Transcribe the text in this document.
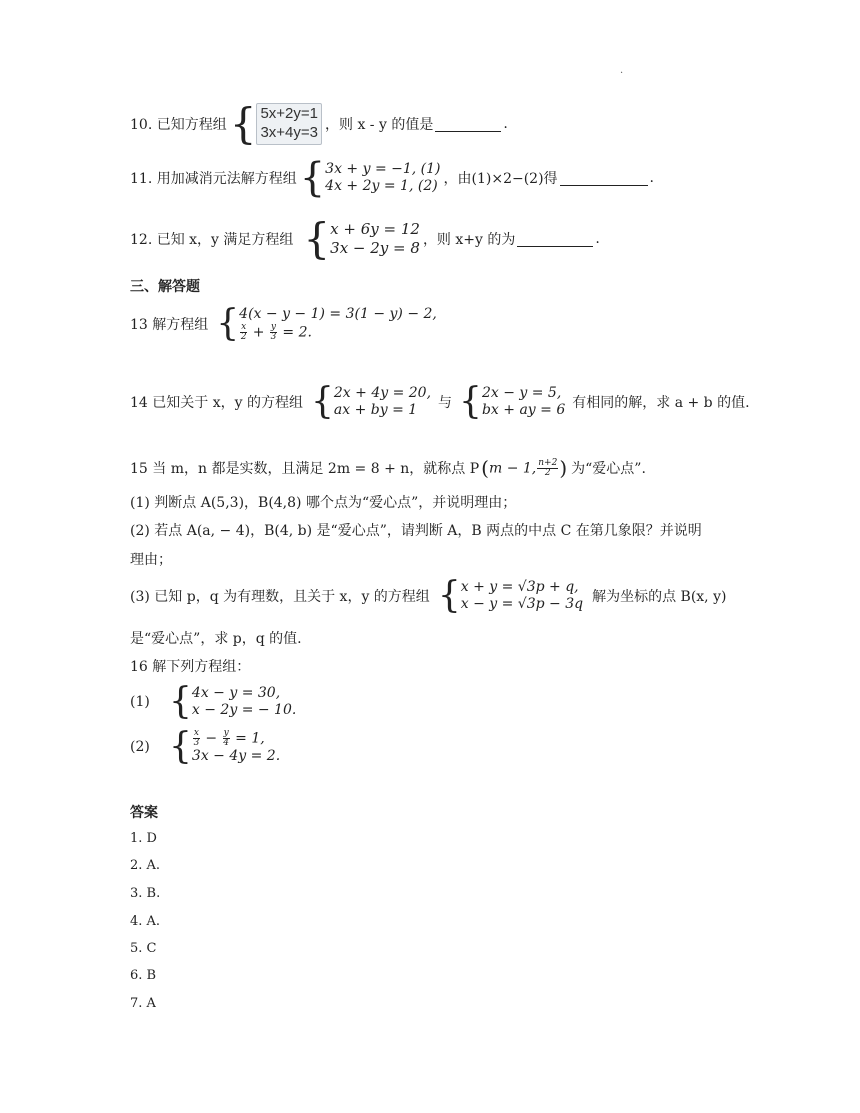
·
10. 已知方程组 { 5x+2y=1
3x+4y=3 ，则 x - y 的值是	.
11. 用加减消元法解方程组 { 3x + y = −1, (1)
4x + 2y = 1, (2) ，由(1)×2−(2)得	.
12. 已知 x，y 满足方程组 { x + 6y = 12
3x − 2y = 8 ，则 x+y 的为	.
三、解答题
13 解方程组 { 4(x − y − 1) = 3(1 − y) − 2,
$\frac{x}{2} + \frac{y}{3} = 2$.
14 已知关于 x，y 的方程组 { 2x + 4y = 20,
ax + by = 1	与 { 2x − y = 5,
bx + ay = 6 有相同的解，求 a + b 的值.
15 当 m，n 都是实数，且满足 2m = 8 + n，就称点 P ( m − 1, $\frac{n+2}{2}$ ) 为“爱心点”.
(1) 判断点 A(5,3)，B(4,8) 哪个点为“爱心点”，并说明理由；
(2) 若点 A(a, − 4)，B(4, b) 是“爱心点”，请判断 A，B 两点的中点 C 在第几象限？并说明
理由；
(3) 已知 p，q 为有理数，且关于 x，y 的方程组 { x + y = √3p + q,
x − y = √3p − 3q 解为坐标的点 B(x, y)
是“爱心点”，求 p，q 的值.
16 解下列方程组：
(1) { 4x − y = 30,
x − 2y = − 10.
(2) { $\frac{x}{3} - \frac{y}{4} = 1$,
3x − 4y = 2.
答案
1. D
2. A.
3. B.
4. A.
5. C
6. B
7. A
